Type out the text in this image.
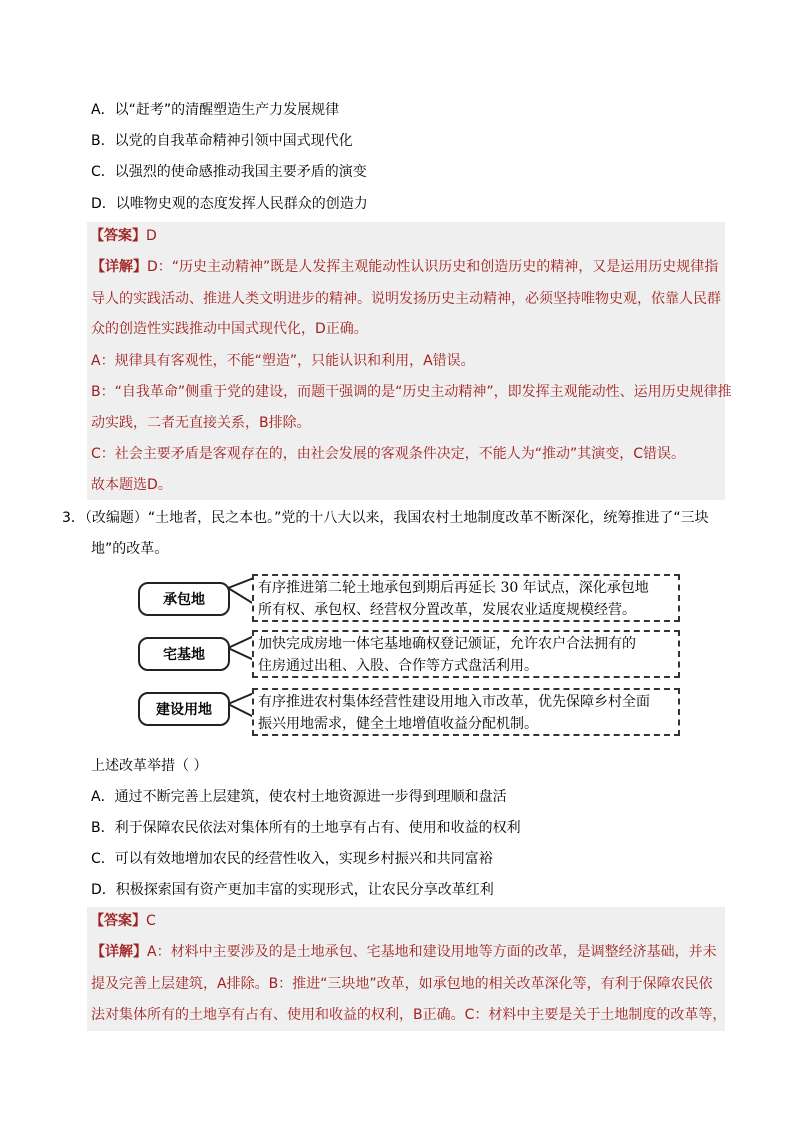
A．以“赶考”的清醒塑造生产力发展规律
B．以党的自我革命精神引领中国式现代化
C．以强烈的使命感推动我国主要矛盾的演变
D．以唯物史观的态度发挥人民群众的创造力
【答案】D
【详解】D：“历史主动精神”既是人发挥主观能动性认识历史和创造历史的精神，又是运用历史规律指
导人的实践活动、推进人类文明进步的精神。说明发扬历史主动精神，必须坚持唯物史观，依靠人民群
众的创造性实践推动中国式现代化，D正确。
A：规律具有客观性，不能“塑造”，只能认识和利用，A错误。
B：“自我革命”侧重于党的建设，而题干强调的是“历史主动精神”，即发挥主观能动性、运用历史规律推
动实践，二者无直接关系，B排除。
C：社会主要矛盾是客观存在的，由社会发展的客观条件决定，不能人为“推动”其演变，C错误。
故本题选D。
3．（改编题）“土地者，民之本也。”党的十八大以来，我国农村土地制度改革不断深化，统筹推进了“三块
地”的改革。
承包地
有序推进第二轮土地承包到期后再延长 30 年试点，深化承包地
所有权、承包权、经营权分置改革，发展农业适度规模经营。
宅基地
加快完成房地一体宅基地确权登记颁证，允许农户合法拥有的
住房通过出租、入股、合作等方式盘活利用。
建设用地	有序推进农村集体经营性建设用地入市改革，优先保障乡村全面
振兴用地需求，健全土地增值收益分配机制。
上述改革举措（ ）
A．通过不断完善上层建筑，使农村土地资源进一步得到理顺和盘活
B．利于保障农民依法对集体所有的土地享有占有、使用和收益的权利
C．可以有效地增加农民的经营性收入，实现乡村振兴和共同富裕
D．积极探索国有资产更加丰富的实现形式，让农民分享改革红利
【答案】C
【详解】A：材料中主要涉及的是土地承包、宅基地和建设用地等方面的改革，是调整经济基础，并未
提及完善上层建筑，A排除。B：推进“三块地”改革，如承包地的相关改革深化等，有利于保障农民依
法对集体所有的土地享有占有、使用和收益的权利，B正确。C：材料中主要是关于土地制度的改革等，
